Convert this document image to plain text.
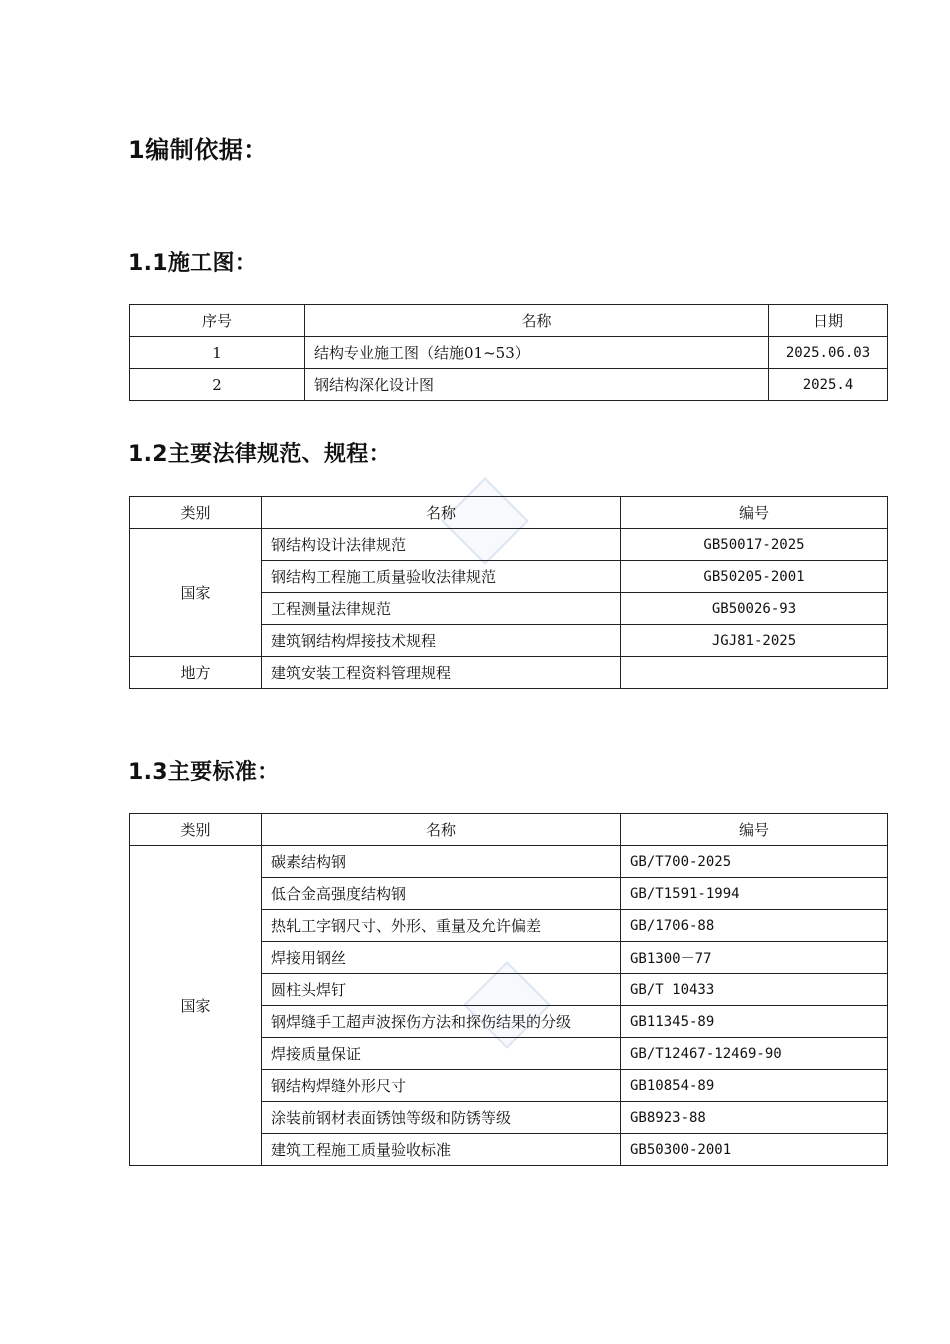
1编制依据：
1.1施工图：
序号	名称	日期
1	结构专业施工图（结施01~53）	2025.06.03
2	钢结构深化设计图	2025.4
1.2主要法律规范、规程：
类别	名称	编号
国家	钢结构设计法律规范	GB50017-2025
	钢结构工程施工质量验收法律规范	GB50205-2001
	工程测量法律规范	GB50026-93
	建筑钢结构焊接技术规程	JGJ81-2025
地方	建筑安装工程资料管理规程	
1.3主要标准：
类别	名称	编号
国家	碳素结构钢	GB/T700-2025
	低合金高强度结构钢	GB/T1591-1994
	热轧工字钢尺寸、外形、重量及允许偏差	GB/1706-88
	焊接用钢丝	GB1300－77
	圆柱头焊钉	GB/T 10433
	钢焊缝手工超声波探伤方法和探伤结果的分级	GB11345-89
	焊接质量保证	GB/T12467-12469-90
	钢结构焊缝外形尺寸	GB10854-89
	涂装前钢材表面锈蚀等级和防锈等级	GB8923-88
	建筑工程施工质量验收标准	GB50300-2001
